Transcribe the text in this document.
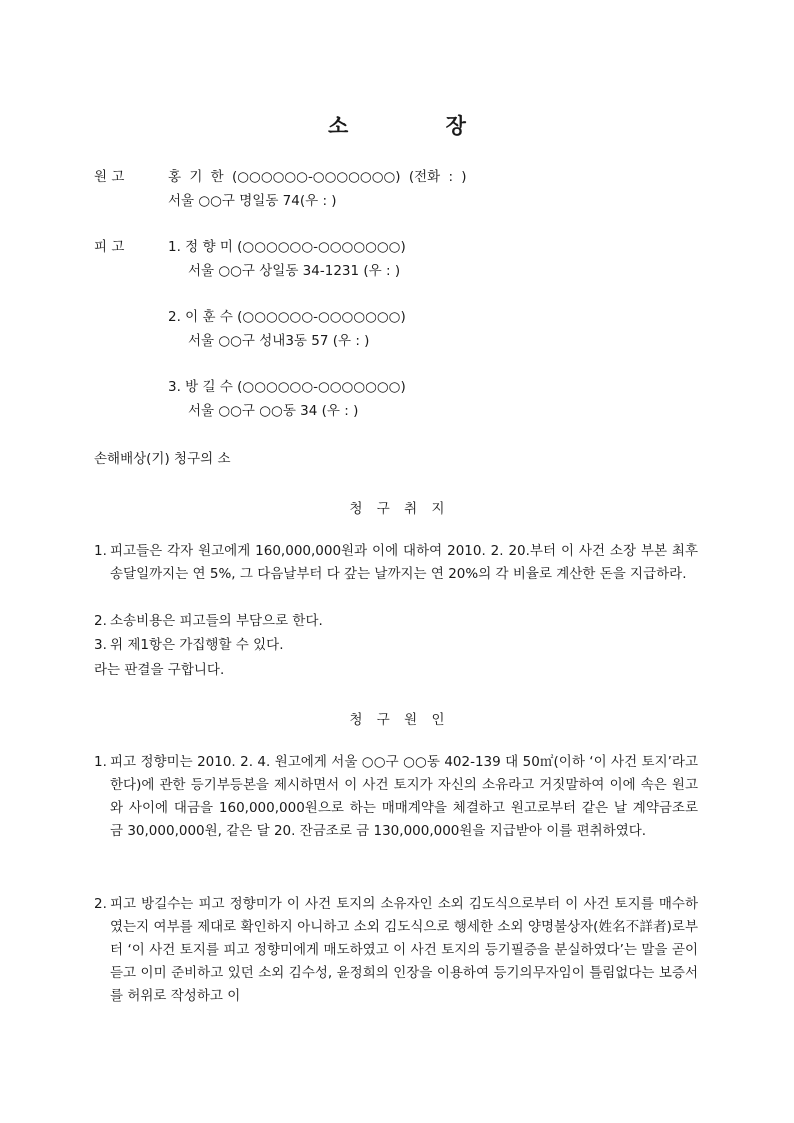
소 장
원 고	홍 기 한 (○○○○○○-○○○○○○○) (전화 : )
서울 ○○구 명일동 74(우 : )
피 고	1. 정 향 미 (○○○○○○-○○○○○○○)
서울 ○○구 상일동 34-1231 (우 : )
2. 이 훈 수 (○○○○○○-○○○○○○○)
서울 ○○구 성내3동 57 (우 : )
3. 방 길 수 (○○○○○○-○○○○○○○)
서울 ○○구 ○○동 34 (우 : )
손해배상(기) 청구의 소
청 구 취 지
1. 피고들은 각자 원고에게 160,000,000원과 이에 대하여 2010. 2. 20.부터 이 사건 소장 부본 최후송달일까지는 연 5%, 그 다음날부터 다 갚는 날까지는 연 20%의 각 비율로 계산한 돈을 지급하라.
2. 소송비용은 피고들의 부담으로 한다.
3. 위 제1항은 가집행할 수 있다.
라는 판결을 구합니다.
청 구 원 인
1. 피고 정향미는 2010. 2. 4. 원고에게 서울 ○○구 ○○동 402-139 대 50㎡(이하 ‘이 사건 토지’라고 한다)에 관한 등기부등본을 제시하면서 이 사건 토지가 자신의 소유라고 거짓말하여 이에 속은 원고와 사이에 대금을 160,000,000원으로 하는 매매계약을 체결하고 원고로부터 같은 날 계약금조로 금 30,000,000원, 같은 달 20. 잔금조로 금 130,000,000원을 지급받아 이를 편취하였다.
2. 피고 방길수는 피고 정향미가 이 사건 토지의 소유자인 소외 김도식으로부터 이 사건 토지를 매수하였는지 여부를 제대로 확인하지 아니하고 소외 김도식으로 행세한 소외 양명불상자(姓名不詳者)로부터 ‘이 사건 토지를 피고 정향미에게 매도하였고 이 사건 토지의 등기필증을 분실하였다’는 말을 곧이듣고 이미 준비하고 있던 소외 김수성, 윤정희의 인장을 이용하여 등기의무자임이 틀림없다는 보증서를 허위로 작성하고 이
